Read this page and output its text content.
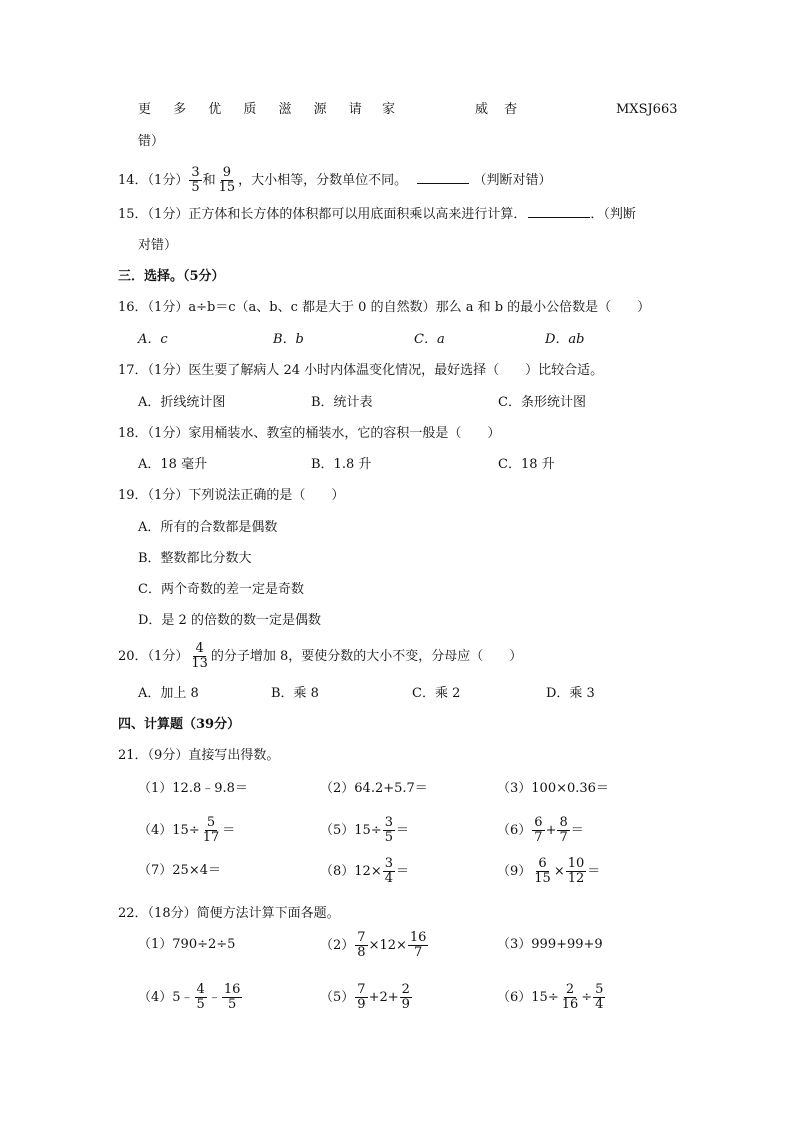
更 多 优 质 滋 源 请 家	威 杳	MXSJ663
错）
14．（1分） $\frac{3}{5}$ 和 $\frac{9}{15}$ ，大小相等，分数单位不同。	（判断对错）
15．（1分）正方体和长方体的体积都可以用底面积乘以高来进行计算．	．（判断
对错）
三．选择。（5分）
16．（1分）a÷b＝c（a、b、c 都是大于 0 的自然数）那么 a 和 b 的最小公倍数是（　　）
A．c	B．b	C．a	D．ab
17．（1分）医生要了解病人 24 小时内体温变化情况，最好选择（　　）比较合适。
A．折线统计图	B．统计表	C．条形统计图
18．（1分）家用桶装水、教室的桶装水，它的容积一般是（　　）
A．18 毫升	B．1.8 升	C．18 升
19．（1分）下列说法正确的是（　　）
A．所有的合数都是偶数
B．整数都比分数大
C．两个奇数的差一定是奇数
D．是 2 的倍数的数一定是偶数
20．（1分） $\frac{4}{13}$ 的分子增加 8，要使分数的大小不变，分母应（　　）
A．加上 8	B．乘 8	C．乘 2	D．乘 3
四、计算题（39分）
21．（9分）直接写出得数。
（1）12.8﹣9.8＝	（2）64.2+5.7＝	（3）100×0.36＝
$(4)15\div \frac{5}{17}$ ＝	$(5)15\div \frac{3}{5}$ ＝	$(6) \frac{6}{7} + \frac{8}{7}$ ＝
（7）25×4＝	$(8)12\times \frac{3}{4}$ ＝	$(9) \frac{6}{15} \times \frac{10}{12}$ ＝
22．（18分）简便方法计算下面各题。
（1）790÷2÷5	$(2) \frac{7}{8} \times 12\times \frac{16}{7}$	（3）999+99+9
（4）5﹣ $\frac{4}{5}$ ﹣ $\frac{16}{5}$	$(5) \frac{7}{9} +2+ \frac{2}{9}$	$(6)15\div \frac{2}{16} \div \frac{5}{4}$
